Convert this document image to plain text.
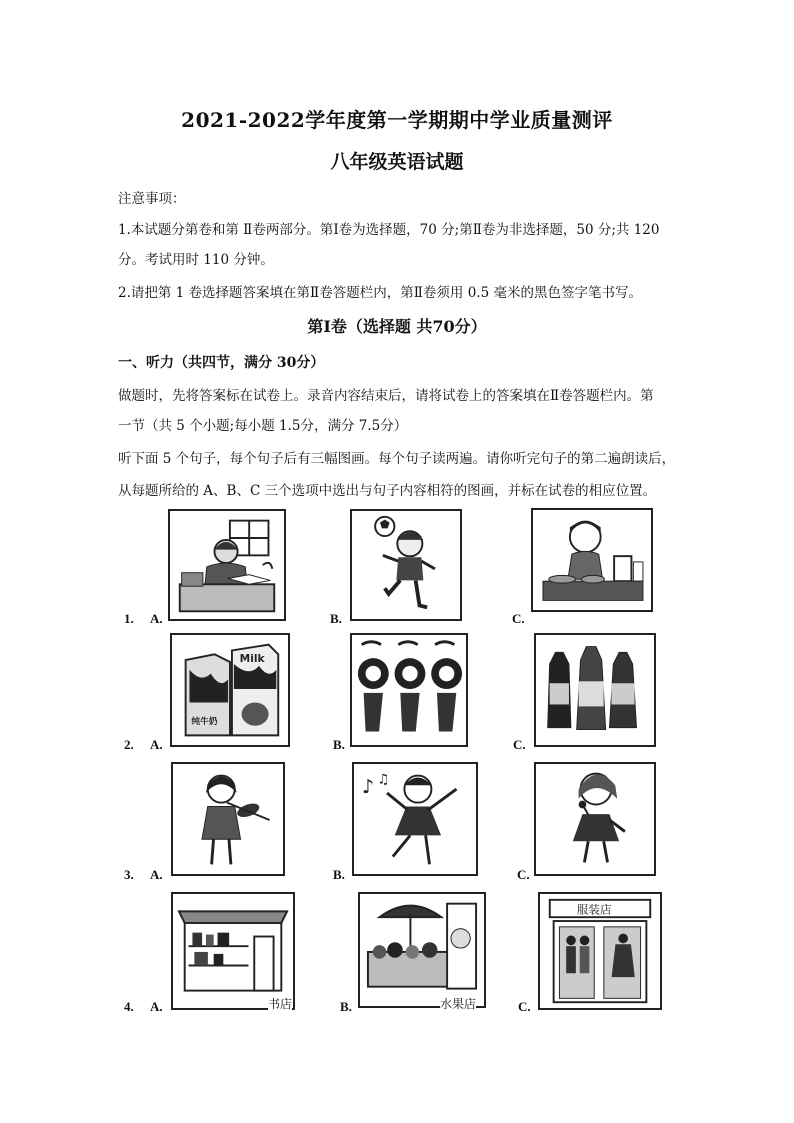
2021-2022学年度第一学期期中学业质量测评
八年级英语试题
注意事项：
1.本试题分第卷和第 Ⅱ卷两部分。第Ⅰ卷为选择题，70 分;第Ⅱ卷为非选择题，50 分;共 120
分。考试用时 110 分钟。
2.请把第 1 卷选择题答案填在第Ⅱ卷答题栏内，第Ⅱ卷须用 0.5 毫米的黑色签字笔书写。
第Ⅰ卷（选择题 共70分）
一、听力（共四节，满分 30分）
做题时，先将答案标在试卷上。录音内容结束后，请将试卷上的答案填在Ⅱ卷答题栏内。第
一节（共 5 个小题;每小题 1.5分，满分 7.5分）
听下面 5 个句子，每个句子后有三幅图画。每个句子读两遍。请你听完句子的第二遍朗读后，
从每题所给的 A、B、C 三个选项中选出与句子内容相符的图画，并标在试卷的相应位置。
1. A.	B.	C.
2. A.
Milk
纯牛奶
B.	C.
3. A.	B.
♪ ♫
C.
4. A.	书店	B.	水果店	C.
服装店
